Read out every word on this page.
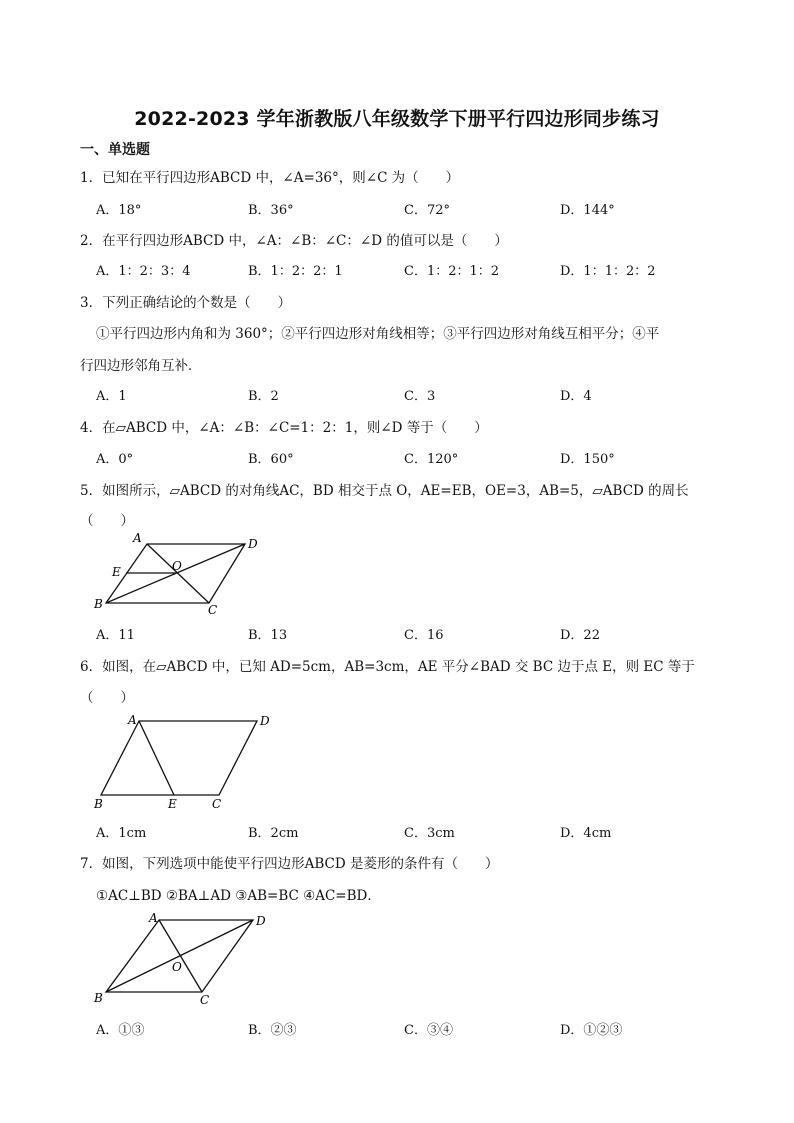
2022-2023 学年浙教版八年级数学下册平行四边形同步练习
一、单选题
1．已知在平行四边形ABCD 中，∠A=36°，则∠C 为（　　）
A．18°	B．36°	C．72°	D．144°
2．在平行四边形ABCD 中，∠A：∠B：∠C：∠D 的值可以是（　　）
A．1：2：3：4	B．1：2：2：1	C．1：2：1：2	D．1：1：2：2
3．下列正确结论的个数是（　　）
①平行四边形内角和为 360°；②平行四边形对角线相等；③平行四边形对角线互相平分；④平
行四边形邻角互补．
A．1	B．2	C．3	D．4
4．在▱ABCD 中，∠A：∠B：∠C=1：2：1，则∠D 等于（　　）
A．0°	B．60°	C．120°	D．150°
5．如图所示，▱ABCD 的对角线AC，BD 相交于点 O，AE=EB，OE=3，AB=5，▱ABCD 的周长
（　　）
A	D
E	O
B	C
A．11	B．13	C．16	D．22
6．如图，在▱ABCD 中，已知 AD=5cm，AB=3cm，AE 平分∠BAD 交 BC 边于点 E，则 EC 等于
（　　）
A	D
B	E	C
A．1cm	B．2cm	C．3cm	D．4cm
7．如图，下列选项中能使平行四边形ABCD 是菱形的条件有（　　）
①AC⊥BD ②BA⊥AD ③AB=BC ④AC=BD．
A	D
O
B	C
A．①③	B．②③	C．③④	D．①②③
